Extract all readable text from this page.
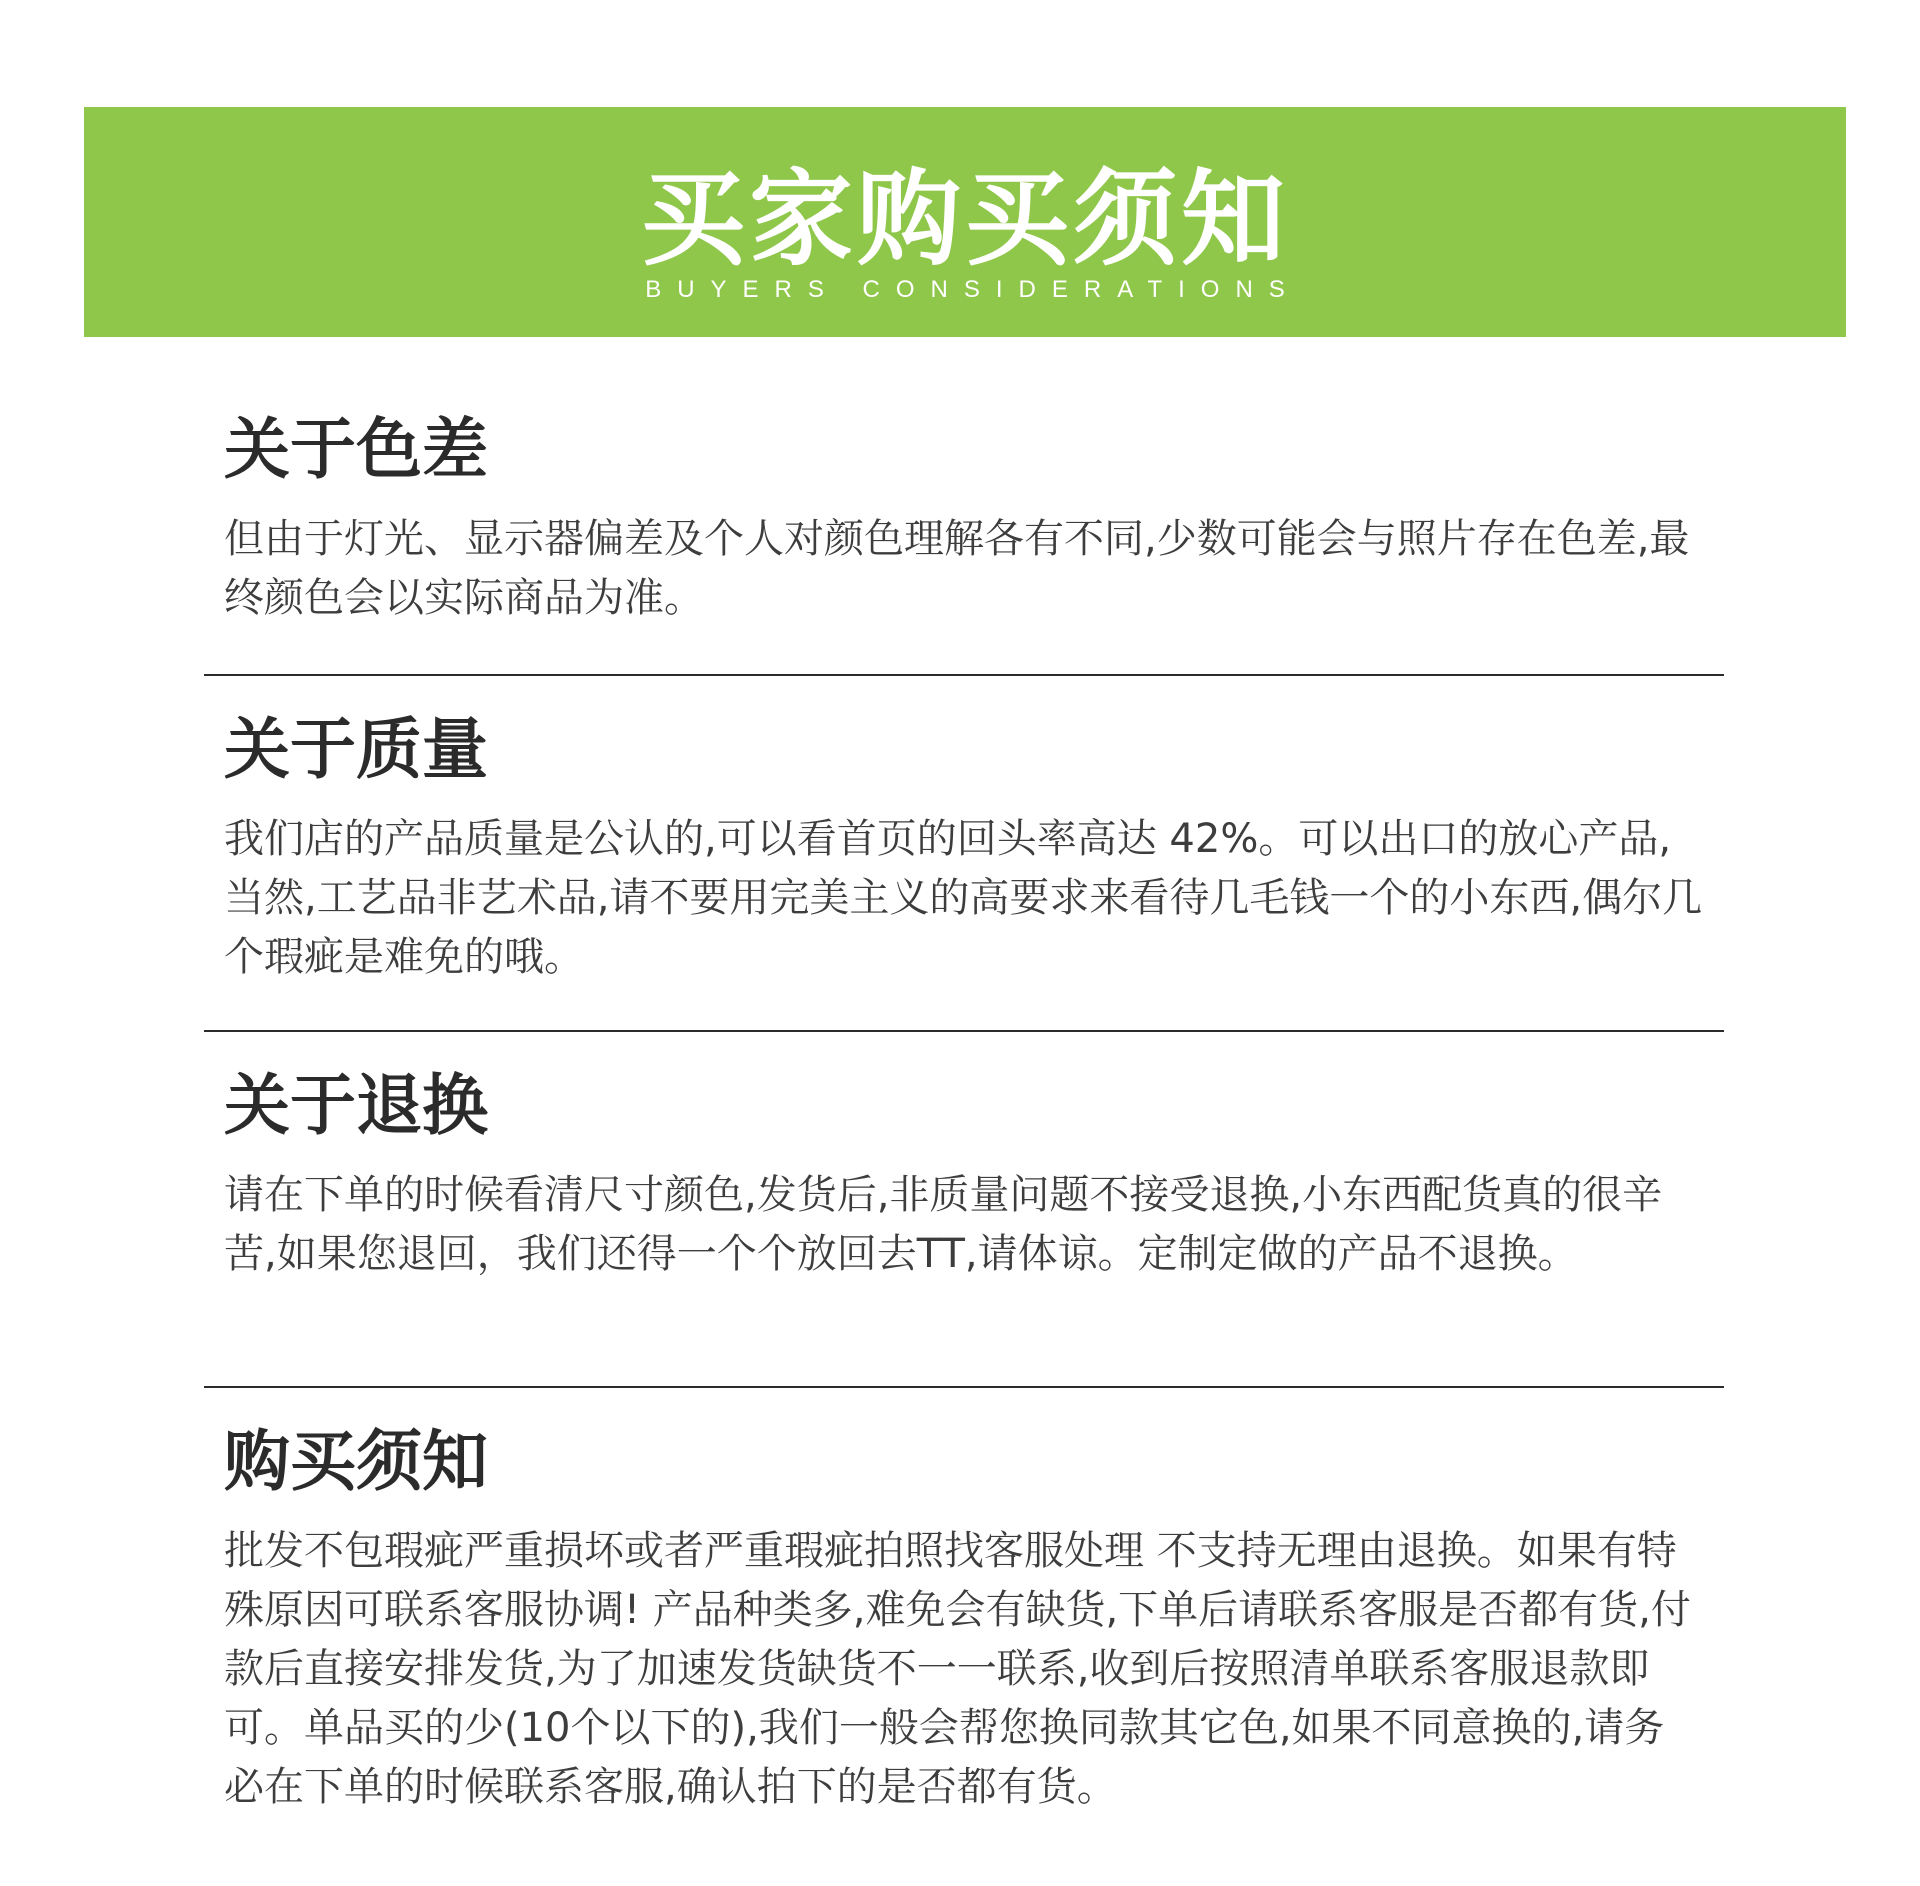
买家购买须知
BUYERS CONSIDERATIONS
关于色差
但由于灯光、显示器偏差及个人对颜色理解各有不同,少数可能会与照片存在色差,最终颜色会以实际商品为准。
关于质量
我们店的产品质量是公认的,可以看首页的回头率高达 42%。可以出口的放心产品,当然,工艺品非艺术品,请不要用完美主义的高要求来看待几毛钱一个的小东西,偶尔几个瑕疵是难免的哦。
关于退换
请在下单的时候看清尺寸颜色,发货后,非质量问题不接受退换,小东西配货真的很辛苦,如果您退回，我们还得一个个放回去TT,请体谅。定制定做的产品不退换。
购买须知
批发不包瑕疵严重损坏或者严重瑕疵拍照找客服处理 不支持无理由退换。如果有特殊原因可联系客服协调! 产品种类多,难免会有缺货,下单后请联系客服是否都有货,付款后直接安排发货,为了加速发货缺货不一一联系,收到后按照清单联系客服退款即可。单品买的少(10个以下的),我们一般会帮您换同款其它色,如果不同意换的,请务必在下单的时候联系客服,确认拍下的是否都有货。
